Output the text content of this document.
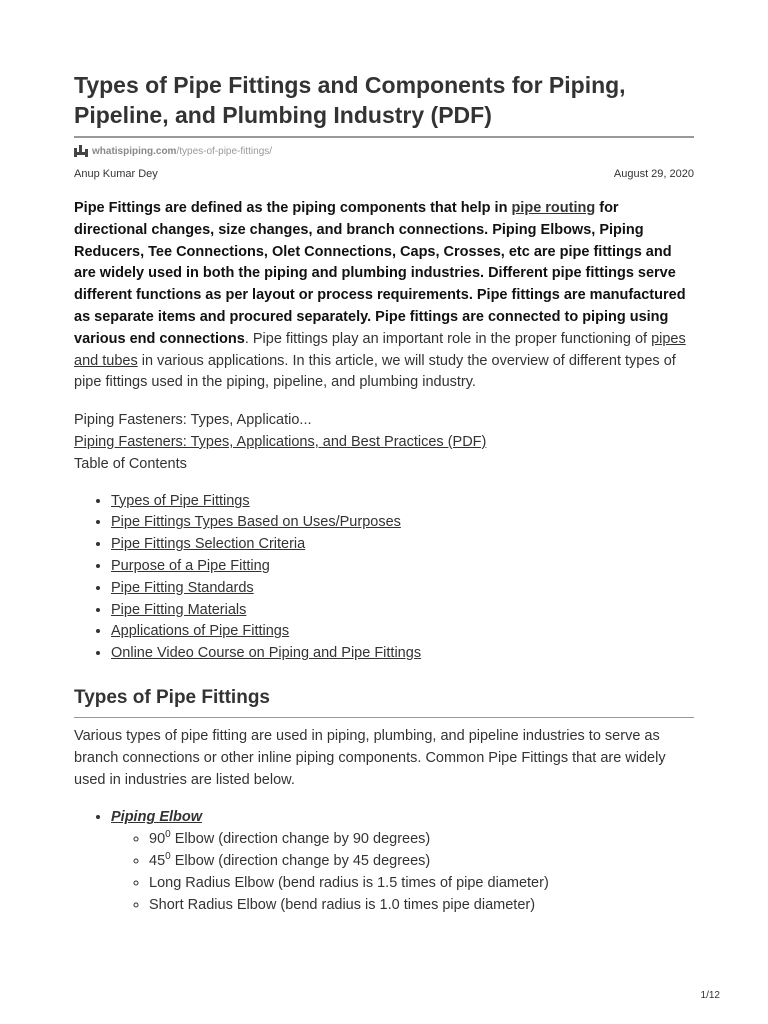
Types of Pipe Fittings and Components for Piping, Pipeline, and Plumbing Industry (PDF)
whatispiping.com /types-of-pipe-fittings/
Anup Kumar Dey	August 29, 2020

Pipe Fittings are defined as the piping components that help in pipe routing for directional changes, size changes, and branch connections. Piping Elbows, Piping Reducers, Tee Connections, Olet Connections, Caps, Crosses, etc are pipe fittings and are widely used in both the piping and plumbing industries. Different pipe fittings serve different functions as per layout or process requirements. Pipe fittings are manufactured as separate items and procured separately. Pipe fittings are connected to piping using various end connections. Pipe fittings play an important role in the proper functioning of pipes and tubes in various applications. In this article, we will study the overview of different types of pipe fittings used in the piping, pipeline, and plumbing industry.

Piping Fasteners: Types, Applicatio...
Piping Fasteners: Types, Applications, and Best Practices (PDF)
Table of Contents
• Types of Pipe Fittings
• Pipe Fittings Types Based on Uses/Purposes
• Pipe Fittings Selection Criteria
• Purpose of a Pipe Fitting
• Pipe Fitting Standards
• Pipe Fitting Materials
• Applications of Pipe Fittings
• Online Video Course on Piping and Pipe Fittings
Types of Pipe Fittings
Various types of pipe fitting are used in piping, plumbing, and pipeline industries to serve as branch connections or other inline piping components. Common Pipe Fittings that are widely used in industries are listed below.
• Piping Elbow
◦ $90^0$ Elbow (direction change by 90 degrees)
◦ $45^0$ Elbow (direction change by 45 degrees)
◦ Long Radius Elbow (bend radius is 1.5 times of pipe diameter)
◦ Short Radius Elbow (bend radius is 1.0 times pipe diameter)
1/12
